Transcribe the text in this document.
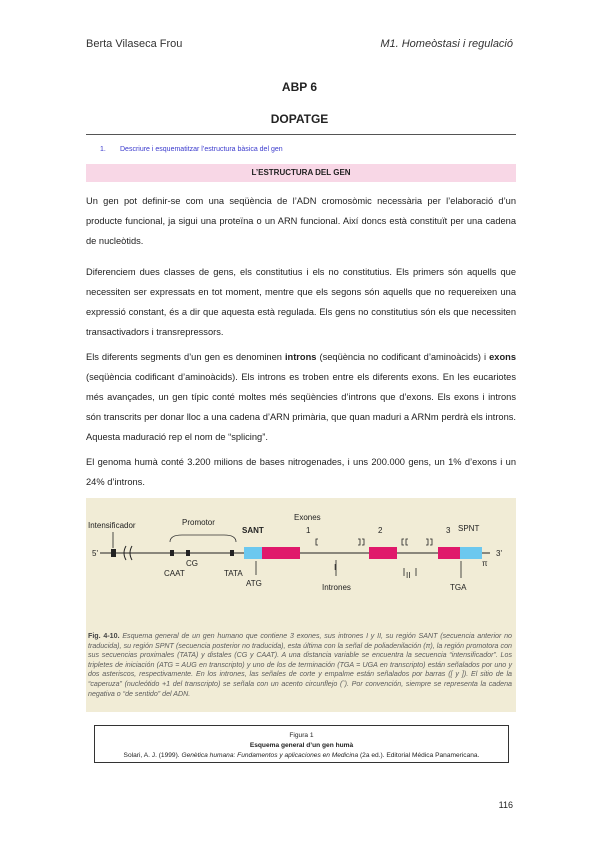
Berta Vilaseca Frou	M1. Homeòstasi i regulació
ABP 6
DOPATGE
1. Descriure i esquematitzar l’estructura bàsica del gen
L’ESTRUCTURA DEL GEN
Un gen pot definir-se com una seqüència de l’ADN cromosòmic necessària per l’elaboració d’un producte funcional, ja sigui una proteïna o un ARN funcional. Així doncs està constituït per una cadena de nucleòtids.
Diferenciem dues classes de gens, els constitutius i els no constitutius. Els primers són aquells que necessiten ser expressats en tot moment, mentre que els segons són aquells que no requereixen una expressió constant, és a dir que aquesta està regulada. Els gens no constitutius són els que necessiten transactivadors i transrepressors.
Els diferents segments d’un gen es denominen introns (seqüència no codificant d’aminoàcids) i exons (seqüència codificant d’aminoàcids). Els introns es troben entre els diferents exons. En les eucariotes més avançades, un gen típic conté moltes més seqüències d’introns que d’exons. Els exons i introns són transcrits per donar lloc a una cadena d’ARN primària, que quan maduri a ARNm perdrà els introns. Aquesta maduració rep el nom de “splicing”.
El genoma humà conté 3.200 milions de bases nitrogenades, i uns 200.000 gens, un 1% d’exons i un 24% d’introns.
Intensificador	Promotor
SANT
Exones
SPNT
5'	3'
CAAT
CG
TATA
ATG	Intrones	TGA
1	2	3
I
II
π
Fig. 4-10. Esquema general de un gen humano que contiene 3 exones, sus intrones I y II, su región SANT (secuencia anterior no traducida), su región SPNT (secuencia posterior no traducida), esta última con la señal de poliadenilación (π), la región promotora con sus secuencias proximales (TATA) y distales (CG y CAAT). A una distancia variable se encuentra la secuencia “intensificador”. Los tripletes de iniciación (ATG = AUG en transcripto) y uno de los de terminación (TGA = UGA en transcripto) están señalados por uno y dos asteriscos, respectivamente. En los intrones, las señales de corte y empalme están señalados por barras ([ y ]). El sitio de la “caperuza” (nucleótido +1 del transcripto) se señala con un acento circunflejo (ˆ). Por convención, siempre se representa la cadena negativa o “de sentido” del ADN.
Figura 1
Esquema general d’un gen humà
Solari, A. J. (1999). Genètica humana: Fundamentos y aplicaciones en Medicina (2a ed.). Editorial Médica Panamericana.
116
